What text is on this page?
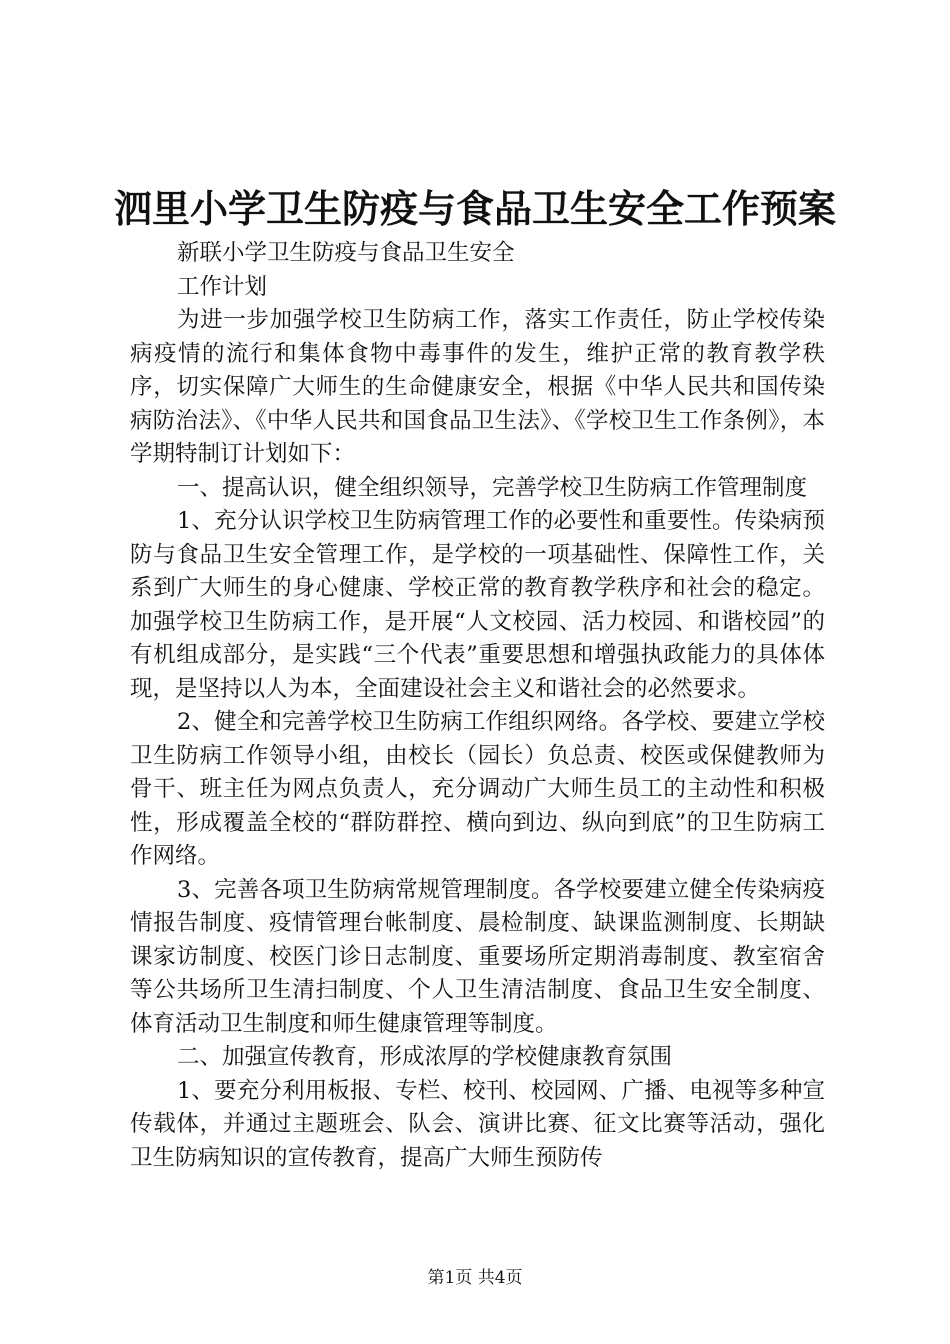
泗里小学卫生防疫与食品卫生安全工作预案

新联小学卫生防疫与食品卫生安全

工作计划

为进一步加强学校卫生防病工作，落实工作责任，防止学校传染病疫情的流行和集体食物中毒事件的发生，维护正常的教育教学秩序，切实保障广大师生的生命健康安全，根据《中华人民共和国传染病防治法》、《中华人民共和国食品卫生法》、《学校卫生工作条例》，本学期特制订计划如下：

一、提高认识，健全组织领导，完善学校卫生防病工作管理制度

1、充分认识学校卫生防病管理工作的必要性和重要性。传染病预防与食品卫生安全管理工作，是学校的一项基础性、保障性工作，关系到广大师生的身心健康、学校正常的教育教学秩序和社会的稳定。加强学校卫生防病工作，是开展“人文校园、活力校园、和谐校园”的有机组成部分，是实践“三个代表”重要思想和增强执政能力的具体体现，是坚持以人为本，全面建设社会主义和谐社会的必然要求。

2、健全和完善学校卫生防病工作组织网络。各学校、要建立学校卫生防病工作领导小组，由校长（园长）负总责、校医或保健教师为骨干、班主任为网点负责人，充分调动广大师生员工的主动性和积极性，形成覆盖全校的“群防群控、横向到边、纵向到底”的卫生防病工作网络。

3、完善各项卫生防病常规管理制度。各学校要建立健全传染病疫情报告制度、疫情管理台帐制度、晨检制度、缺课监测制度、长期缺课家访制度、校医门诊日志制度、重要场所定期消毒制度、教室宿舍等公共场所卫生清扫制度、个人卫生清洁制度、食品卫生安全制度、体育活动卫生制度和师生健康管理等制度。

二、加强宣传教育，形成浓厚的学校健康教育氛围

1、要充分利用板报、专栏、校刊、校园网、广播、电视等多种宣传载体，并通过主题班会、队会、演讲比赛、征文比赛等活动，强化卫生防病知识的宣传教育，提高广大师生预防传

第1页 共4页
